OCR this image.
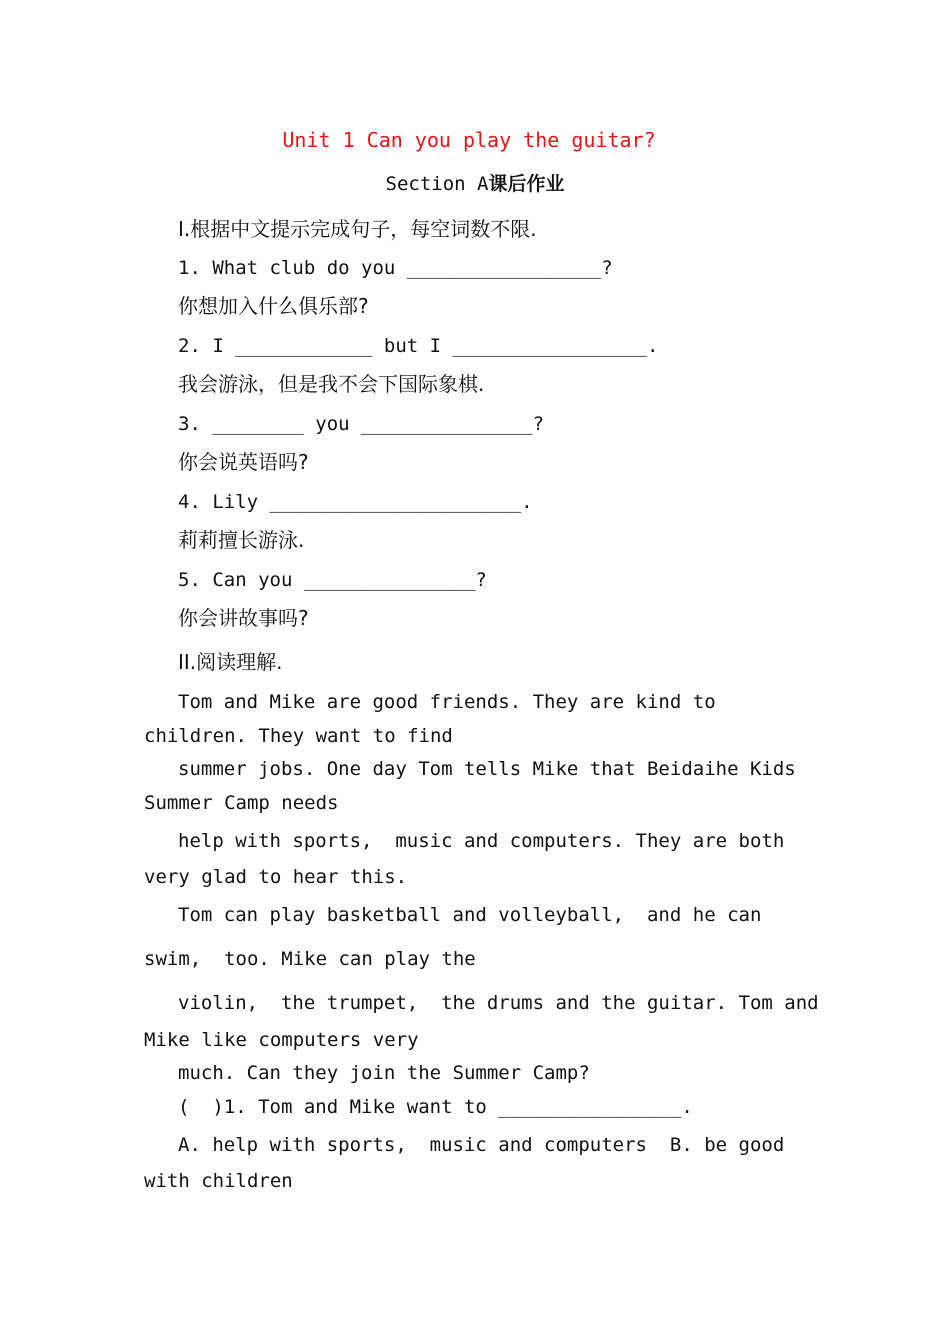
Unit 1 Can you play the guitar?
Section A课后作业
I.根据中文提示完成句子，每空词数不限.
1. What club do you _________________?
你想加入什么俱乐部?
2. I ____________ but I _________________.
我会游泳，但是我不会下国际象棋.
3. ________ you _______________?
你会说英语吗?
4. Lily ______________________.
莉莉擅长游泳.
5. Can you _______________?
你会讲故事吗?
II.阅读理解.
Tom and Mike are good friends. They are kind to
children. They want to find
summer jobs. One day Tom tells Mike that Beidaihe Kids
Summer Camp needs
help with sports,  music and computers. They are both
very glad to hear this.
Tom can play basketball and volleyball,  and he can
swim,  too. Mike can play the
violin,  the trumpet,  the drums and the guitar. Tom and
Mike like computers very
much. Can they join the Summer Camp?
(  )1. Tom and Mike want to ________________.
A. help with sports,  music and computers  B. be good
with children
